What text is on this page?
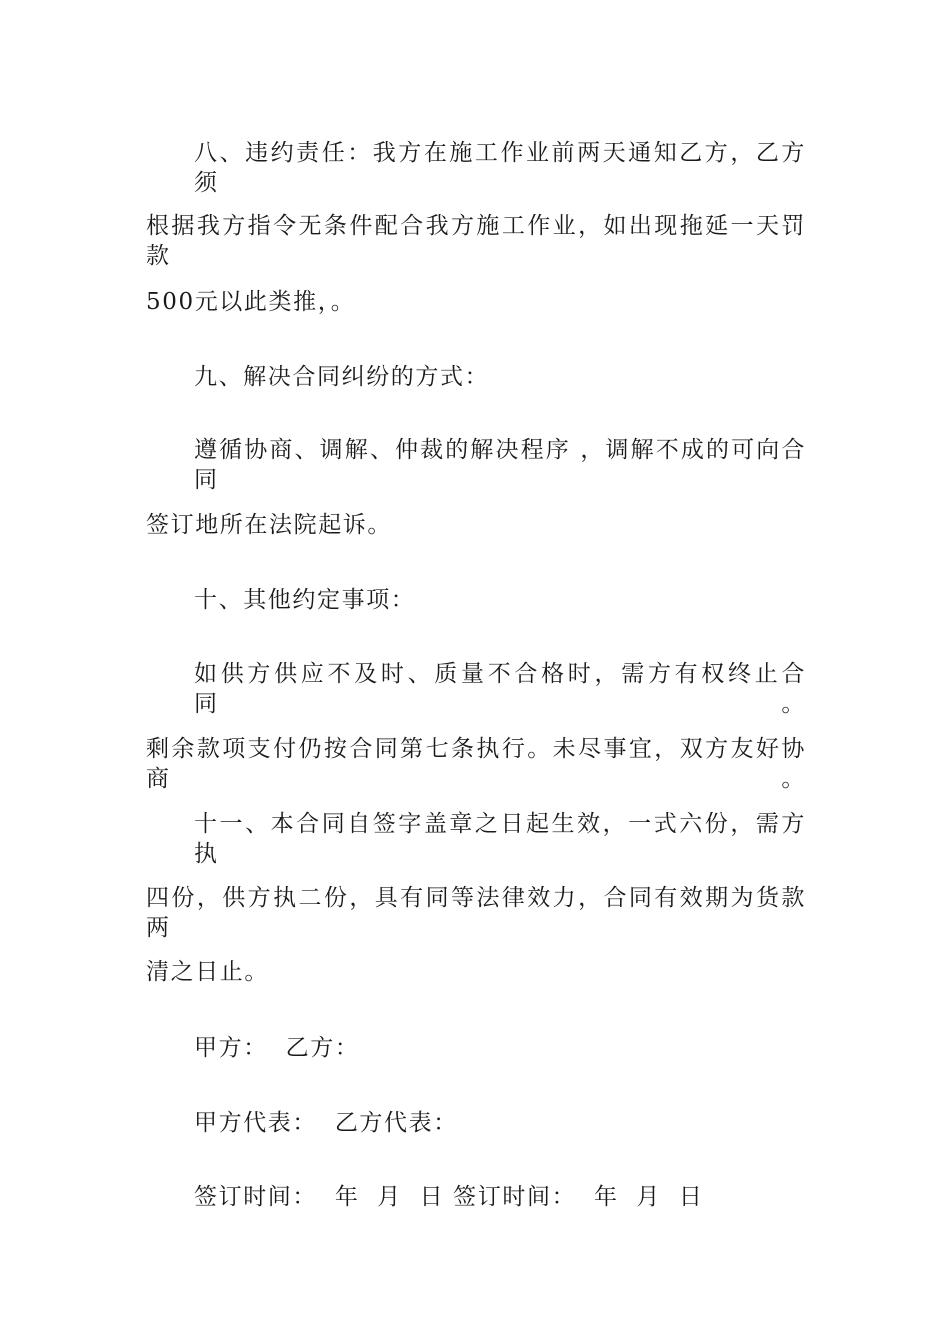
八、违约责任：我方在施工作业前两天通知乙方，乙方须
根据我方指令无条件配合我方施工作业，如出现拖延一天罚款
500元以此类推，。
九、解决合同纠纷的方式：
遵循协商、调解、仲裁的解决程序 ，调解不成的可向合同
签订地所在法院起诉。
十、其他约定事项：
如供方供应不及时、质量不合格时，需方有权终止合同。
剩余款项支付仍按合同第七条执行。未尽事宜，双方友好协商。
十一、本合同自签字盖章之日起生效，一式六份，需方执
四份，供方执二份，具有同等法律效力，合同有效期为货款两
清之日止。
甲方：  乙方：
甲方代表：  乙方代表：
签订时间：  年  月  日 签订时间：  年  月  日
